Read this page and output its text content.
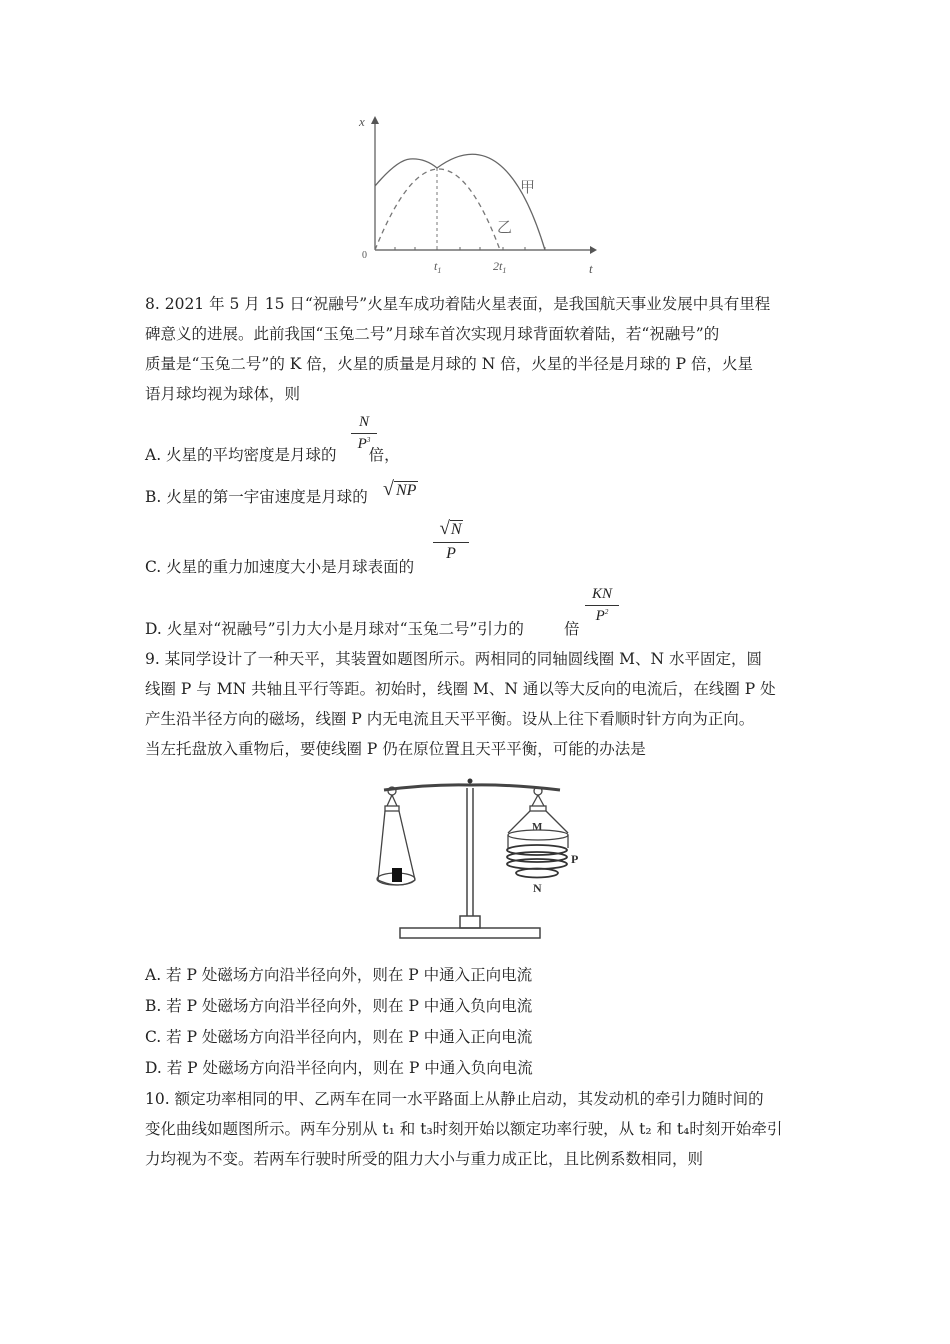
x
t
0
$t_1$	$2t_1$
甲
乙
8. 2021 年 5 月 15 日“祝融号”火星车成功着陆火星表面，是我国航天事业发展中具有里程
碑意义的进展。此前我国“玉兔二号”月球车首次实现月球背面软着陆，若“祝融号”的
质量是“玉兔二号”的 K 倍，火星的质量是月球的 N 倍，火星的半径是月球的 P 倍，火星
语月球均视为球体，则
A. 火星的平均密度是月球的 倍，
N
$P^3$
B. 火星的第一宇宙速度是月球的 √ NP
C. 火星的重力加速度大小是月球表面的
√N
P
D. 火星对“祝融号”引力大小是月球对“玉兔二号”引力的	倍
KN
$P^2$
9. 某同学设计了一种天平，其装置如题图所示。两相同的同轴圆线圈 M、N 水平固定，圆
线圈 P 与 MN 共轴且平行等距。初始时，线圈 M、N 通以等大反向的电流后，在线圈 P 处
产生沿半径方向的磁场，线圈 P 内无电流且天平平衡。设从上往下看顺时针方向为正向。
当左托盘放入重物后，要使线圈 P 仍在原位置且天平平衡，可能的办法是
M
P
N
A. 若 P 处磁场方向沿半径向外，则在 P 中通入正向电流
B. 若 P 处磁场方向沿半径向外，则在 P 中通入负向电流
C. 若 P 处磁场方向沿半径向内，则在 P 中通入正向电流
D. 若 P 处磁场方向沿半径向内，则在 P 中通入负向电流
10. 额定功率相同的甲、乙两车在同一水平路面上从静止启动，其发动机的牵引力随时间的
变化曲线如题图所示。两车分别从 t₁ 和 t₃时刻开始以额定功率行驶，从 t₂ 和 t₄时刻开始牵引
力均视为不变。若两车行驶时所受的阻力大小与重力成正比，且比例系数相同，则
